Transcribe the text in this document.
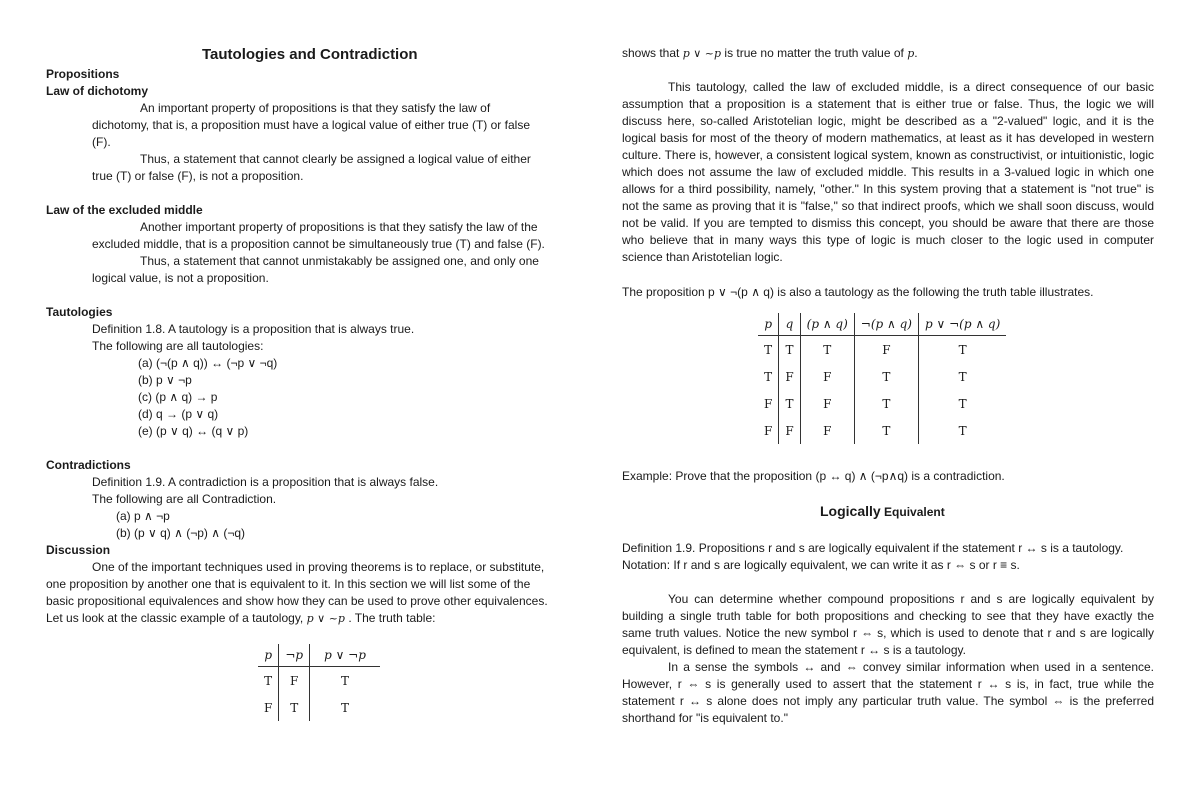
Tautologies and Contradiction
Propositions
Law of dichotomy
An important property of propositions is that they satisfy the law of
dichotomy, that is, a proposition must have a logical value of either true (T) or false
(F).
Thus, a statement that cannot clearly be assigned a logical value of either
true (T) or false (F), is not a proposition.
Law of the excluded middle
Another important property of propositions is that they satisfy the law of the
excluded middle, that is a proposition cannot be simultaneously true (T) and false (F).
Thus, a statement that cannot unmistakably be assigned one, and only one
logical value, is not a proposition.
Tautologies
Definition 1.8. A tautology is a proposition that is always true.
The following are all tautologies:
(a) (¬(p ∧ q)) ↔ (¬p ∨ ¬q)
(b) p ∨ ¬p
(c) (p ∧ q) → p
(d) q → (p ∨ q)
(e) (p ∨ q) ↔ (q ∨ p)
Contradictions
Definition 1.9. A contradiction is a proposition that is always false.
The following are all Contradiction.
(a) p ∧ ¬p
(b) (p ∨ q) ∧ (¬p) ∧ (¬q)
Discussion
One of the important techniques used in proving theorems is to replace, or substitute,
one proposition by another one that is equivalent to it. In this section we will list some of the
basic propositional equivalences and show how they can be used to prove other equivalences.
Let us look at the classic example of a tautology, p ∨ ~p . The truth table:
p	¬p	p ∨ ¬p
T	F	T
F	T	T
shows that p ∨ ~p is true no matter the truth value of p.
This tautology, called the law of excluded middle, is a direct consequence of our basic assumption that a proposition is a statement that is either true or false. Thus, the logic we will discuss here, so-called Aristotelian logic, might be described as a "2-valued" logic, and it is the logical basis for most of the theory of modern mathematics, at least as it has developed in western culture. There is, however, a consistent logical system, known as constructivist, or intuitionistic, logic which does not assume the law of excluded middle. This results in a 3-valued logic in which one allows for a third possibility, namely, "other." In this system proving that a statement is "not true" is not the same as proving that it is "false," so that indirect proofs, which we shall soon discuss, would not be valid. If you are tempted to dismiss this concept, you should be aware that there are those who believe that in many ways this type of logic is much closer to the logic used in computer science than Aristotelian logic.
The proposition p ∨ ¬(p ∧ q) is also a tautology as the following the truth table illustrates.
p	q	(p ∧ q)	¬(p ∧ q)	p ∨ ¬(p ∧ q)
T	T	T	F	T
T	F	F	T	T
F	T	F	T	T
F	F	F	T	T
Example: Prove that the proposition (p ↔ q) ∧ (¬p∧q) is a contradiction.
Logically Equivalent
Definition 1.9. Propositions r and s are logically equivalent if the statement r ↔ s is a tautology.
Notation: If r and s are logically equivalent, we can write it as r ⇔ s or r ≡ s.
You can determine whether compound propositions r and s are logically equivalent by building a single truth table for both propositions and checking to see that they have exactly the same truth values. Notice the new symbol r ⇔ s, which is used to denote that r and s are logically equivalent, is defined to mean the statement r ↔ s is a tautology.
In a sense the symbols ↔ and ⇔ convey similar information when used in a sentence. However, r ⇔ s is generally used to assert that the statement r ↔ s is, in fact, true while the statement r ↔ s alone does not imply any particular truth value. The symbol ⇔ is the preferred shorthand for "is equivalent to."
